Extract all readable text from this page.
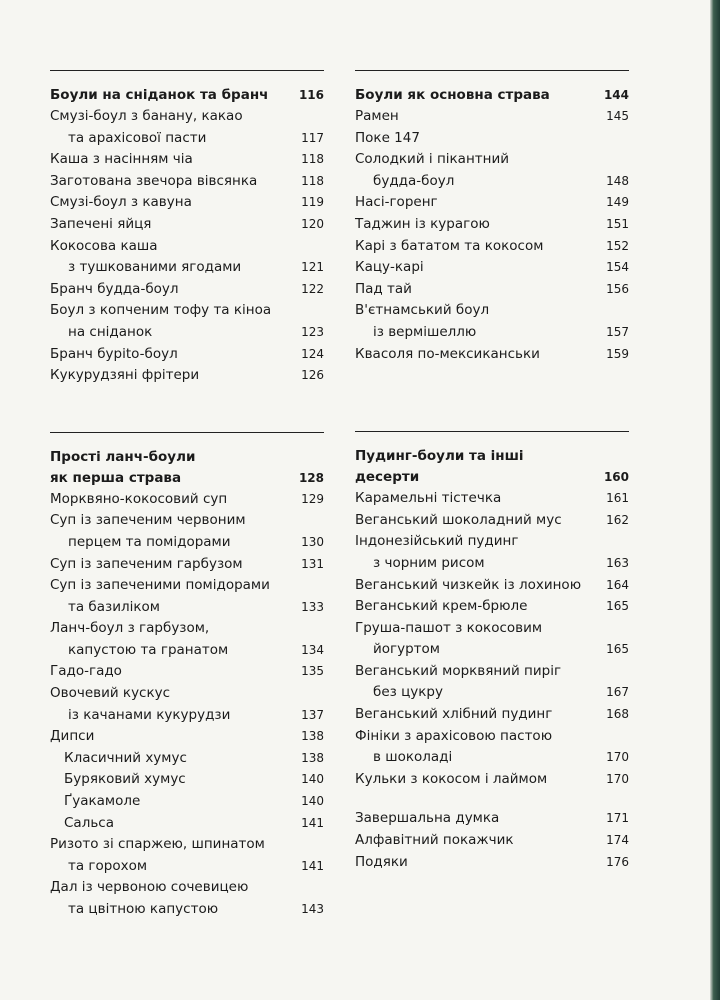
Боули на сніданок та бранч	116
Смузі-боул з банану, какао
та арахісової пасти	117
Каша з насінням чіа	118
Заготована звечора вівсянка	118
Смузі-боул з кавуна	119
Запечені яйця	120
Кокосова каша
з тушкованими ягодами	121
Бранч будда-боул	122
Боул з копченим тофу та кіноа
на сніданок	123
Бранч бурito-боул	124
Кукурудзяні фрітери	126
Прості ланч-боули
як перша страва	128
Морквяно-кокосовий суп	129
Суп із запеченим червоним
перцем та помідорами	130
Суп із запеченим гарбузом	131
Суп із запеченими помідорами
та базиліком	133
Ланч-боул з гарбузом,
капустою та гранатом	134
Гадо-гадо	135
Овочевий кускус
із качанами кукурудзи	137
Дипси	138
Класичний хумус	138
Буряковий хумус	140
Ґуакамоле	140
Сальса	141
Ризото зі спаржею, шпинатом
та горохом	141
Дал із червоною сочевицею
та цвітною капустою	143
Боули як основна страва	144
Рамен	145
Поке 147
Солодкий і пікантний
будда-боул	148
Насі-горенг	149
Таджин із курагою	151
Карі з бататом та кокосом	152
Кацу-карі	154
Пад тай	156
В'єтнамський боул
із вермішеллю	157
Квасоля по-мексиканськи	159
Пудинг-боули та інші десерти	160
Карамельні тістечка	161
Веганський шоколадний мус	162
Індонезійський пудинг
з чорним рисом	163
Веганський чизкейк із лохиною 164
Веганський крем-брюле	165
Груша-пашот з кокосовим
йогуртом	165
Веганський морквяний пиріг
без цукру	167
Веганський хлібний пудинг	168
Фініки з арахісовою пастою
в шоколаді	170
Кульки з кокосом і лаймом	170
Завершальна думка	171
Алфавітний покажчик	174
Подяки	176
